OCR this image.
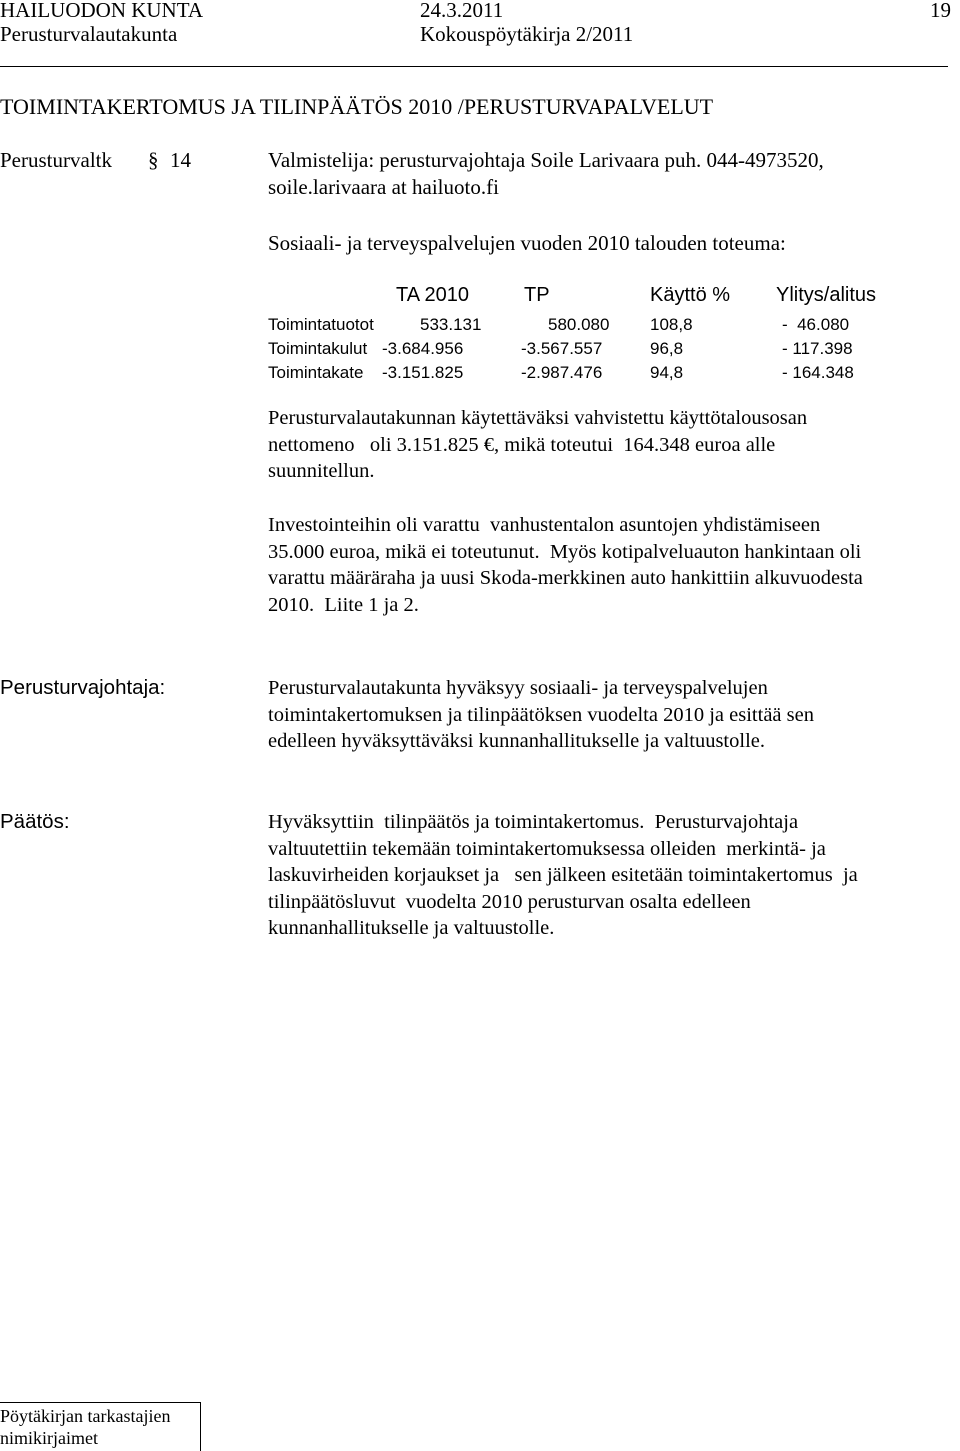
HAILUODON KUNTA	24.3.2011	19
Perusturvalautakunta	Kokouspöytäkirja 2/2011
TOIMINTAKERTOMUS JA TILINPÄÄTÖS 2010 /PERUSTURVAPALVELUT
Perusturvaltk § 14	Valmistelija: perusturvajohtaja Soile Larivaara puh. 044-4973520,
soile.larivaara at hailuoto.fi
Sosiaali- ja terveyspalvelujen vuoden 2010 talouden toteuma:
TA 2010	TP	Käyttö % Ylitys/alitus
Toimintatuotot	533.131	580.080 108,8	-  46.080
Toimintakulut -3.684.956	-3.567.557	96,8	- 117.398
Toimintakate -3.151.825	-2.987.476	94,8	- 164.348
Perusturvalautakunnan käytettäväksi vahvistettu käyttötalousosan
nettomeno   oli 3.151.825 €, mikä toteutui  164.348 euroa alle
suunnitellun.
Investointeihin oli varattu  vanhustentalon asuntojen yhdistämiseen
35.000 euroa, mikä ei toteutunut.  Myös kotipalveluauton hankintaan oli
varattu määräraha ja uusi Skoda-merkkinen auto hankittiin alkuvuodesta
2010.  Liite 1 ja 2.
Perusturvajohtaja:	Perusturvalautakunta hyväksyy sosiaali- ja terveyspalvelujen
toimintakertomuksen ja tilinpäätöksen vuodelta 2010 ja esittää sen
edelleen hyväksyttäväksi kunnanhallitukselle ja valtuustolle.
Päätös:	Hyväksyttiin  tilinpäätös ja toimintakertomus.  Perusturvajohtaja
valtuutettiin tekemään toimintakertomuksessa olleiden  merkintä- ja
laskuvirheiden korjaukset ja   sen jälkeen esitetään toimintakertomus  ja
tilinpäätösluvut  vuodelta 2010 perusturvan osalta edelleen
kunnanhallitukselle ja valtuustolle.
Pöytäkirjan tarkastajien
nimikirjaimet
